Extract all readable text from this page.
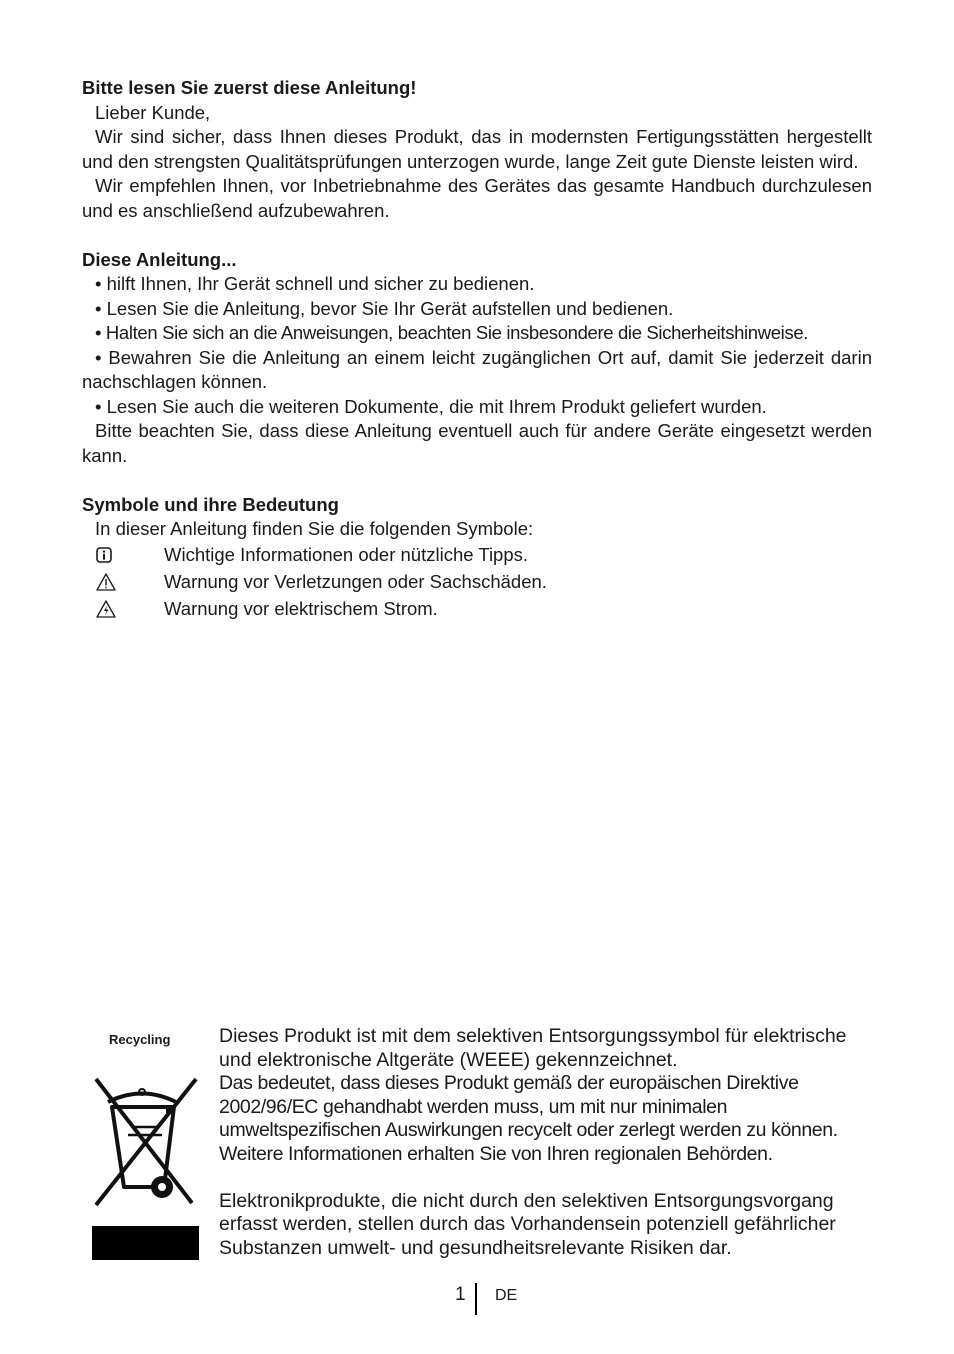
Bitte lesen Sie zuerst diese Anleitung!

Lieber Kunde,

Wir sind sicher, dass Ihnen dieses Produkt, das in modernsten Fertigungsstätten hergestellt und den strengsten Qualitätsprüfungen unterzogen wurde, lange Zeit gute Dienste leisten wird.

Wir empfehlen Ihnen, vor Inbetriebnahme des Gerätes das gesamte Handbuch durchzulesen und es anschließend aufzubewahren.

Diese Anleitung...

• hilft Ihnen, Ihr Gerät schnell und sicher zu bedienen.

• Lesen Sie die Anleitung, bevor Sie Ihr Gerät aufstellen und bedienen.

• Halten Sie sich an die Anweisungen, beachten Sie insbesondere die Sicherheitshinweise.

• Bewahren Sie die Anleitung an einem leicht zugänglichen Ort auf, damit Sie jederzeit darin nachschlagen können.

• Lesen Sie auch die weiteren Dokumente, die mit Ihrem Produkt geliefert wurden.

Bitte beachten Sie, dass diese Anleitung eventuell auch für andere Geräte eingesetzt werden kann.

Symbole und ihre Bedeutung

In dieser Anleitung finden Sie die folgenden Symbole:

Wichtige Informationen oder nützliche Tipps.
Warnung vor Verletzungen oder Sachschäden.
Warnung vor elektrischem Strom.
Recycling Dieses Produkt ist mit dem selektiven Entsorgungssymbol für elektrische und elektronische Altgeräte (WEEE) gekennzeichnet.

Das bedeutet, dass dieses Produkt gemäß der europäischen Direktive 2002/96/EC gehandhabt werden muss, um mit nur minimalen umweltspezifischen Auswirkungen recycelt oder zerlegt werden zu können. Weitere Informationen erhalten Sie von Ihren regionalen Behörden.

Elektronikprodukte, die nicht durch den selektiven Entsorgungsvorgang erfasst werden, stellen durch das Vorhandensein potenziell gefährlicher Substanzen umwelt- und gesundheitsrelevante Risiken dar.

1 DE
